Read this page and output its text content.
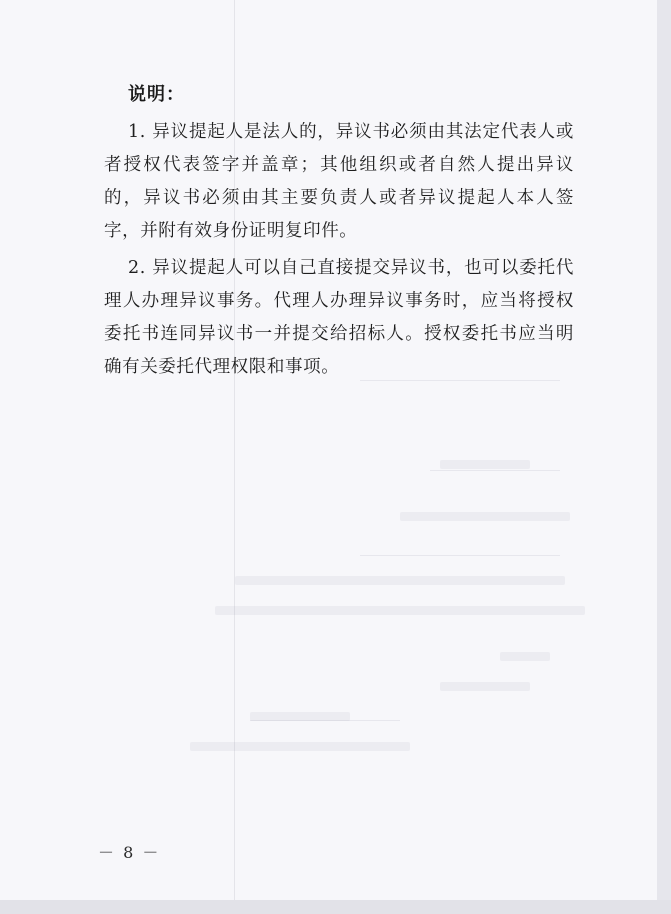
说明：

1. 异议提起人是法人的，异议书必须由其法定代表人或者授权代表签字并盖章；其他组织或者自然人提出异议的，异议书必须由其主要负责人或者异议提起人本人签字，并附有效身份证明复印件。

2. 异议提起人可以自己直接提交异议书，也可以委托代理人办理异议事务。代理人办理异议事务时，应当将授权委托书连同异议书一并提交给招标人。授权委托书应当明确有关委托代理权限和事项。

－ 8 －
